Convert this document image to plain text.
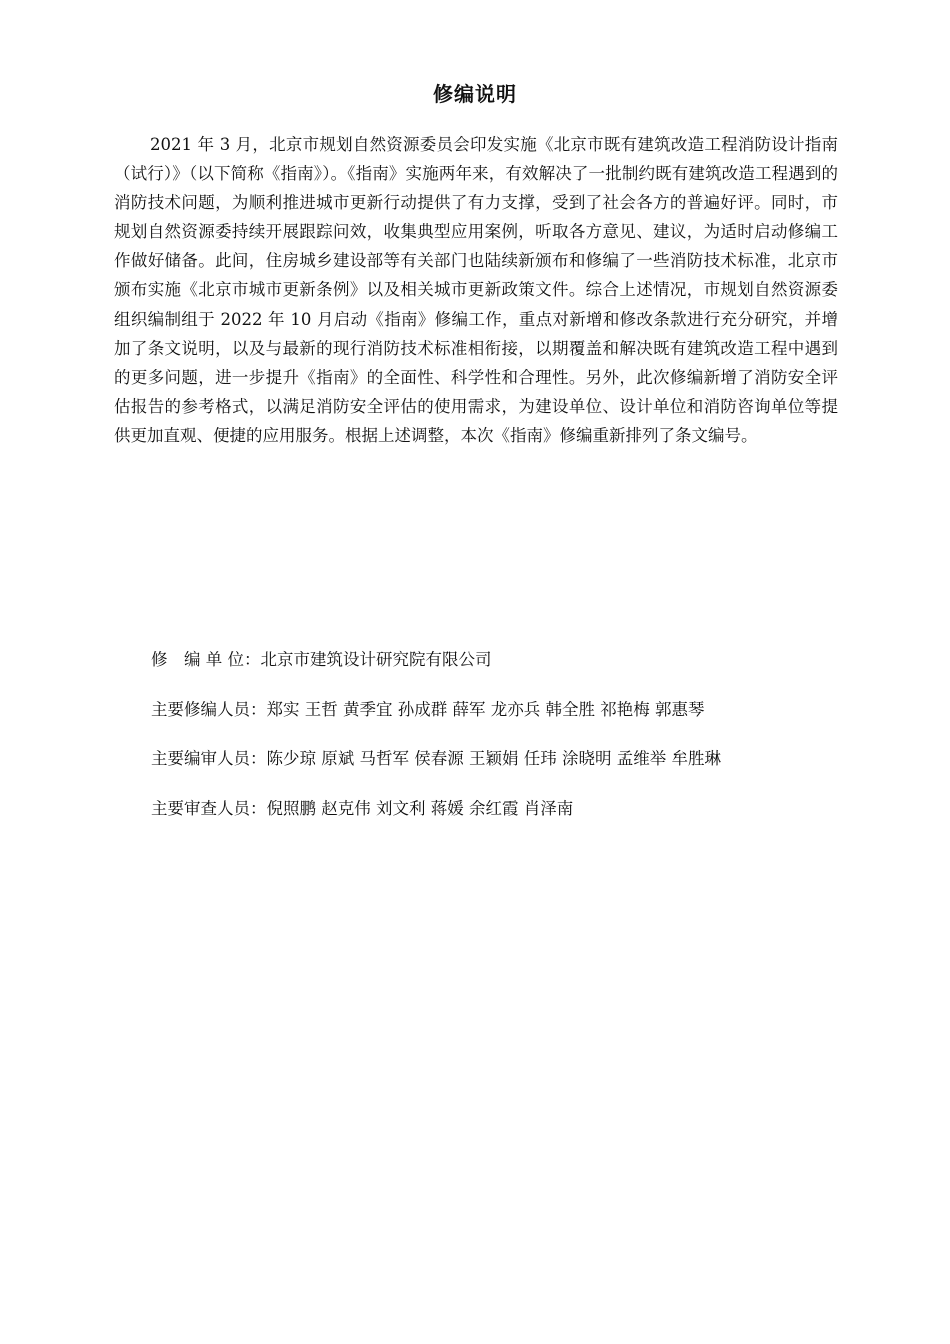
修编说明

2021 年 3 月，北京市规划自然资源委员会印发实施《北京市既有建筑改造工程消防设计指南（试行）》（以下简称《指南》）。《指南》实施两年来，有效解决了一批制约既有建筑改造工程遇到的消防技术问题，为顺利推进城市更新行动提供了有力支撑，受到了社会各方的普遍好评。同时，市规划自然资源委持续开展跟踪问效，收集典型应用案例，听取各方意见、建议，为适时启动修编工作做好储备。此间，住房城乡建设部等有关部门也陆续新颁布和修编了一些消防技术标准，北京市颁布实施《北京市城市更新条例》以及相关城市更新政策文件。综合上述情况，市规划自然资源委组织编制组于 2022 年 10 月启动《指南》修编工作，重点对新增和修改条款进行充分研究，并增加了条文说明，以及与最新的现行消防技术标准相衔接，以期覆盖和解决既有建筑改造工程中遇到的更多问题，进一步提升《指南》的全面性、科学性和合理性。另外，此次修编新增了消防安全评估报告的参考格式，以满足消防安全评估的使用需求，为建设单位、设计单位和消防咨询单位等提供更加直观、便捷的应用服务。根据上述调整，本次《指南》修编重新排列了条文编号。

修　编 单 位：北京市建筑设计研究院有限公司
主要修编人员：郑实 王哲 黄季宜 孙成群 薛军 龙亦兵 韩全胜 祁艳梅 郭惠琴
主要编审人员：陈少琼 原斌 马哲军 侯春源 王颖娟 任玮 涂晓明 孟维举 牟胜琳
主要审查人员：倪照鹏 赵克伟 刘文利 蒋媛 余红霞 肖泽南
